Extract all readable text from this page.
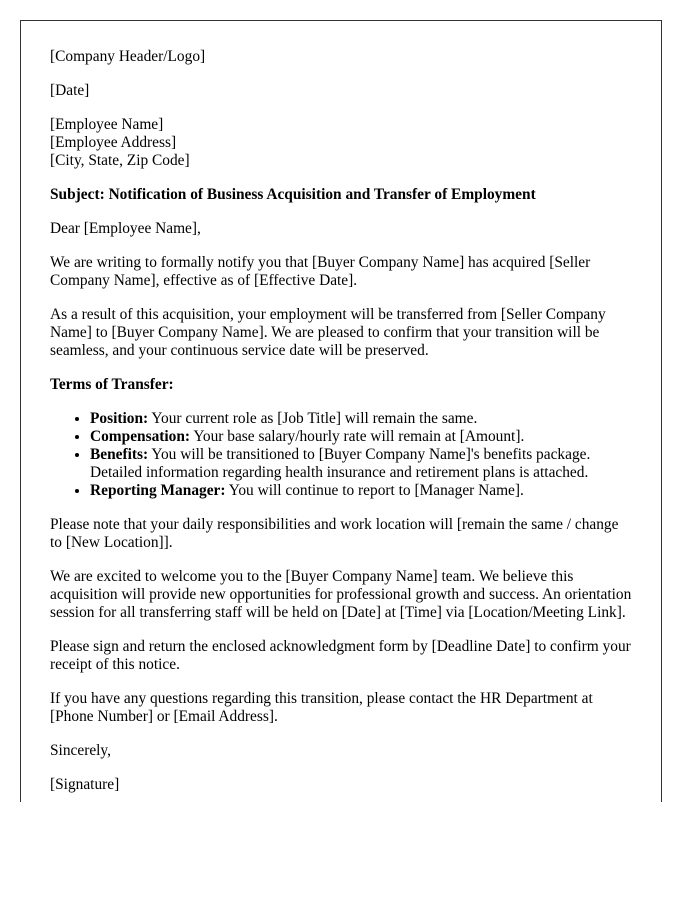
[Company Header/Logo]

[Date]

[Employee Name]
[Employee Address]
[City, State, Zip Code]

Subject: Notification of Business Acquisition and Transfer of Employment

Dear [Employee Name],

We are writing to formally notify you that [Buyer Company Name] has acquired [Seller Company Name], effective as of [Effective Date].

As a result of this acquisition, your employment will be transferred from [Seller Company Name] to [Buyer Company Name]. We are pleased to confirm that your transition will be seamless, and your continuous service date will be preserved.

Terms of Transfer:

• Position: Your current role as [Job Title] will remain the same.
• Compensation: Your base salary/hourly rate will remain at [Amount].
• Benefits: You will be transitioned to [Buyer Company Name]'s benefits package. Detailed information regarding health insurance and retirement plans is attached.
• Reporting Manager: You will continue to report to [Manager Name].

Please note that your daily responsibilities and work location will [remain the same / change to [New Location]].

We are excited to welcome you to the [Buyer Company Name] team. We believe this acquisition will provide new opportunities for professional growth and success. An orientation session for all transferring staff will be held on [Date] at [Time] via [Location/Meeting Link].

Please sign and return the enclosed acknowledgment form by [Deadline Date] to confirm your receipt of this notice.

If you have any questions regarding this transition, please contact the HR Department at [Phone Number] or [Email Address].

Sincerely,

[Signature]
